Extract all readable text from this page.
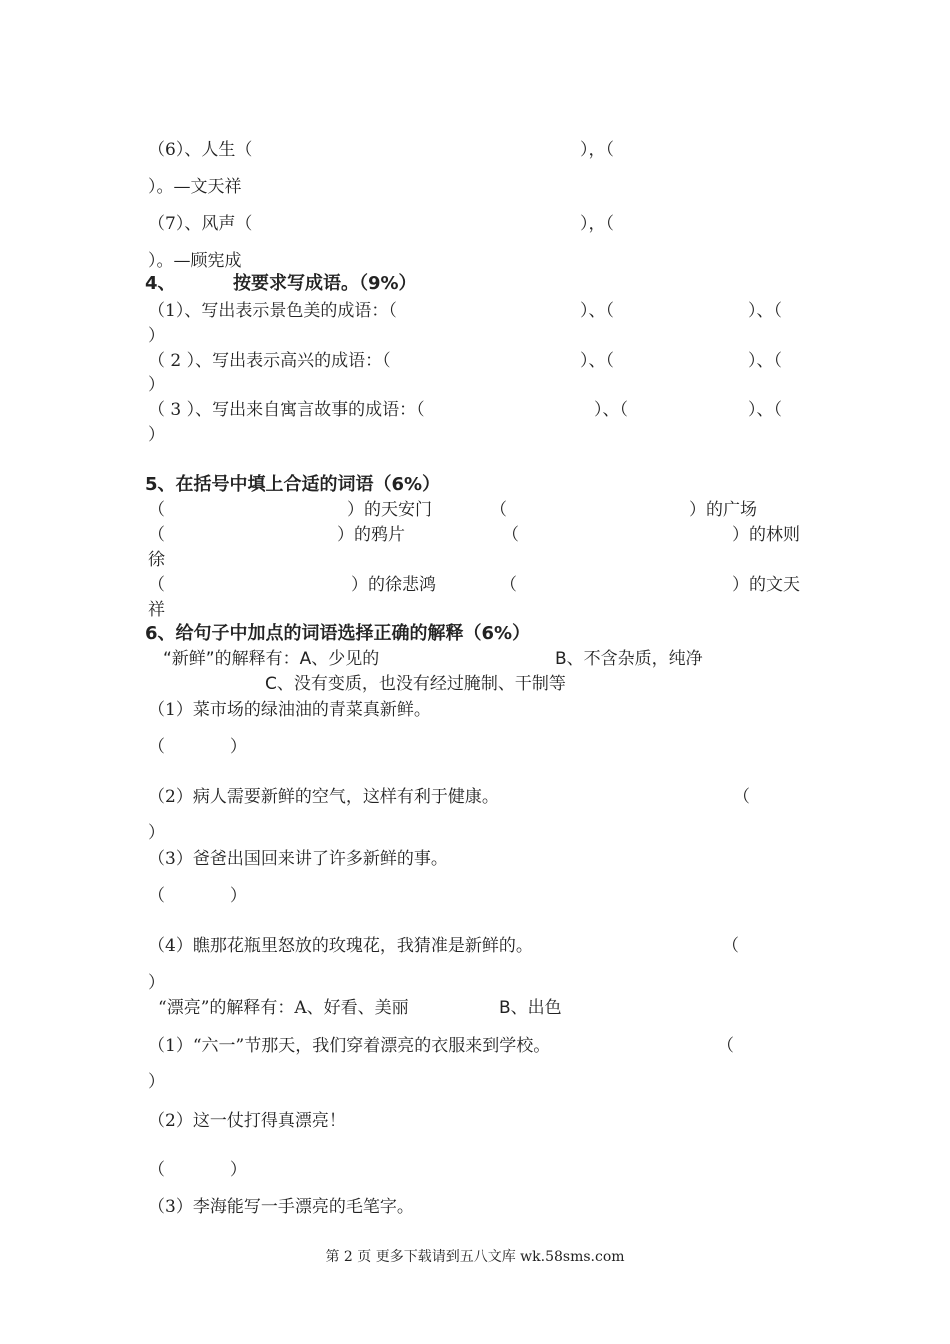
（6）、人生（	），（
）。—文天祥
（7）、风声（	），（
）。—顾宪成
4、	按要求写成语。（9%）
（1）、写出表示景色美的成语：（	）、（	）、（
）
（ 2 ）、写出表示高兴的成语：（	）、（	）、（
）
（ 3 ）、写出来自寓言故事的成语：（	）、（	）、（
）
5、在括号中填上合适的词语（6%）
（	）的天安门	（	）的广场
（	）的鸦片	（	）的林则
徐
（	）的徐悲鸿	（	）的文天
祥
6、给句子中加点的词语选择正确的解释（6%）
“新鲜”的解释有：A、少见的	B、不含杂质，纯净
C、没有变质，也没有经过腌制、干制等
（1）菜市场的绿油油的青菜真新鲜。
（            ）
（2）病人需要新鲜的空气，这样有利于健康。	（
）
（3）爸爸出国回来讲了许多新鲜的事。
（            ）
（4）瞧那花瓶里怒放的玫瑰花，我猜准是新鲜的。	（
）
“漂亮”的解释有：A、好看、美丽	B、出色
（1）“六一”节那天，我们穿着漂亮的衣服来到学校。	（
）
（2）这一仗打得真漂亮！
（            ）
（3）李海能写一手漂亮的毛笔字。
第 2 页 更多下载请到五八文库 wk.58sms.com
